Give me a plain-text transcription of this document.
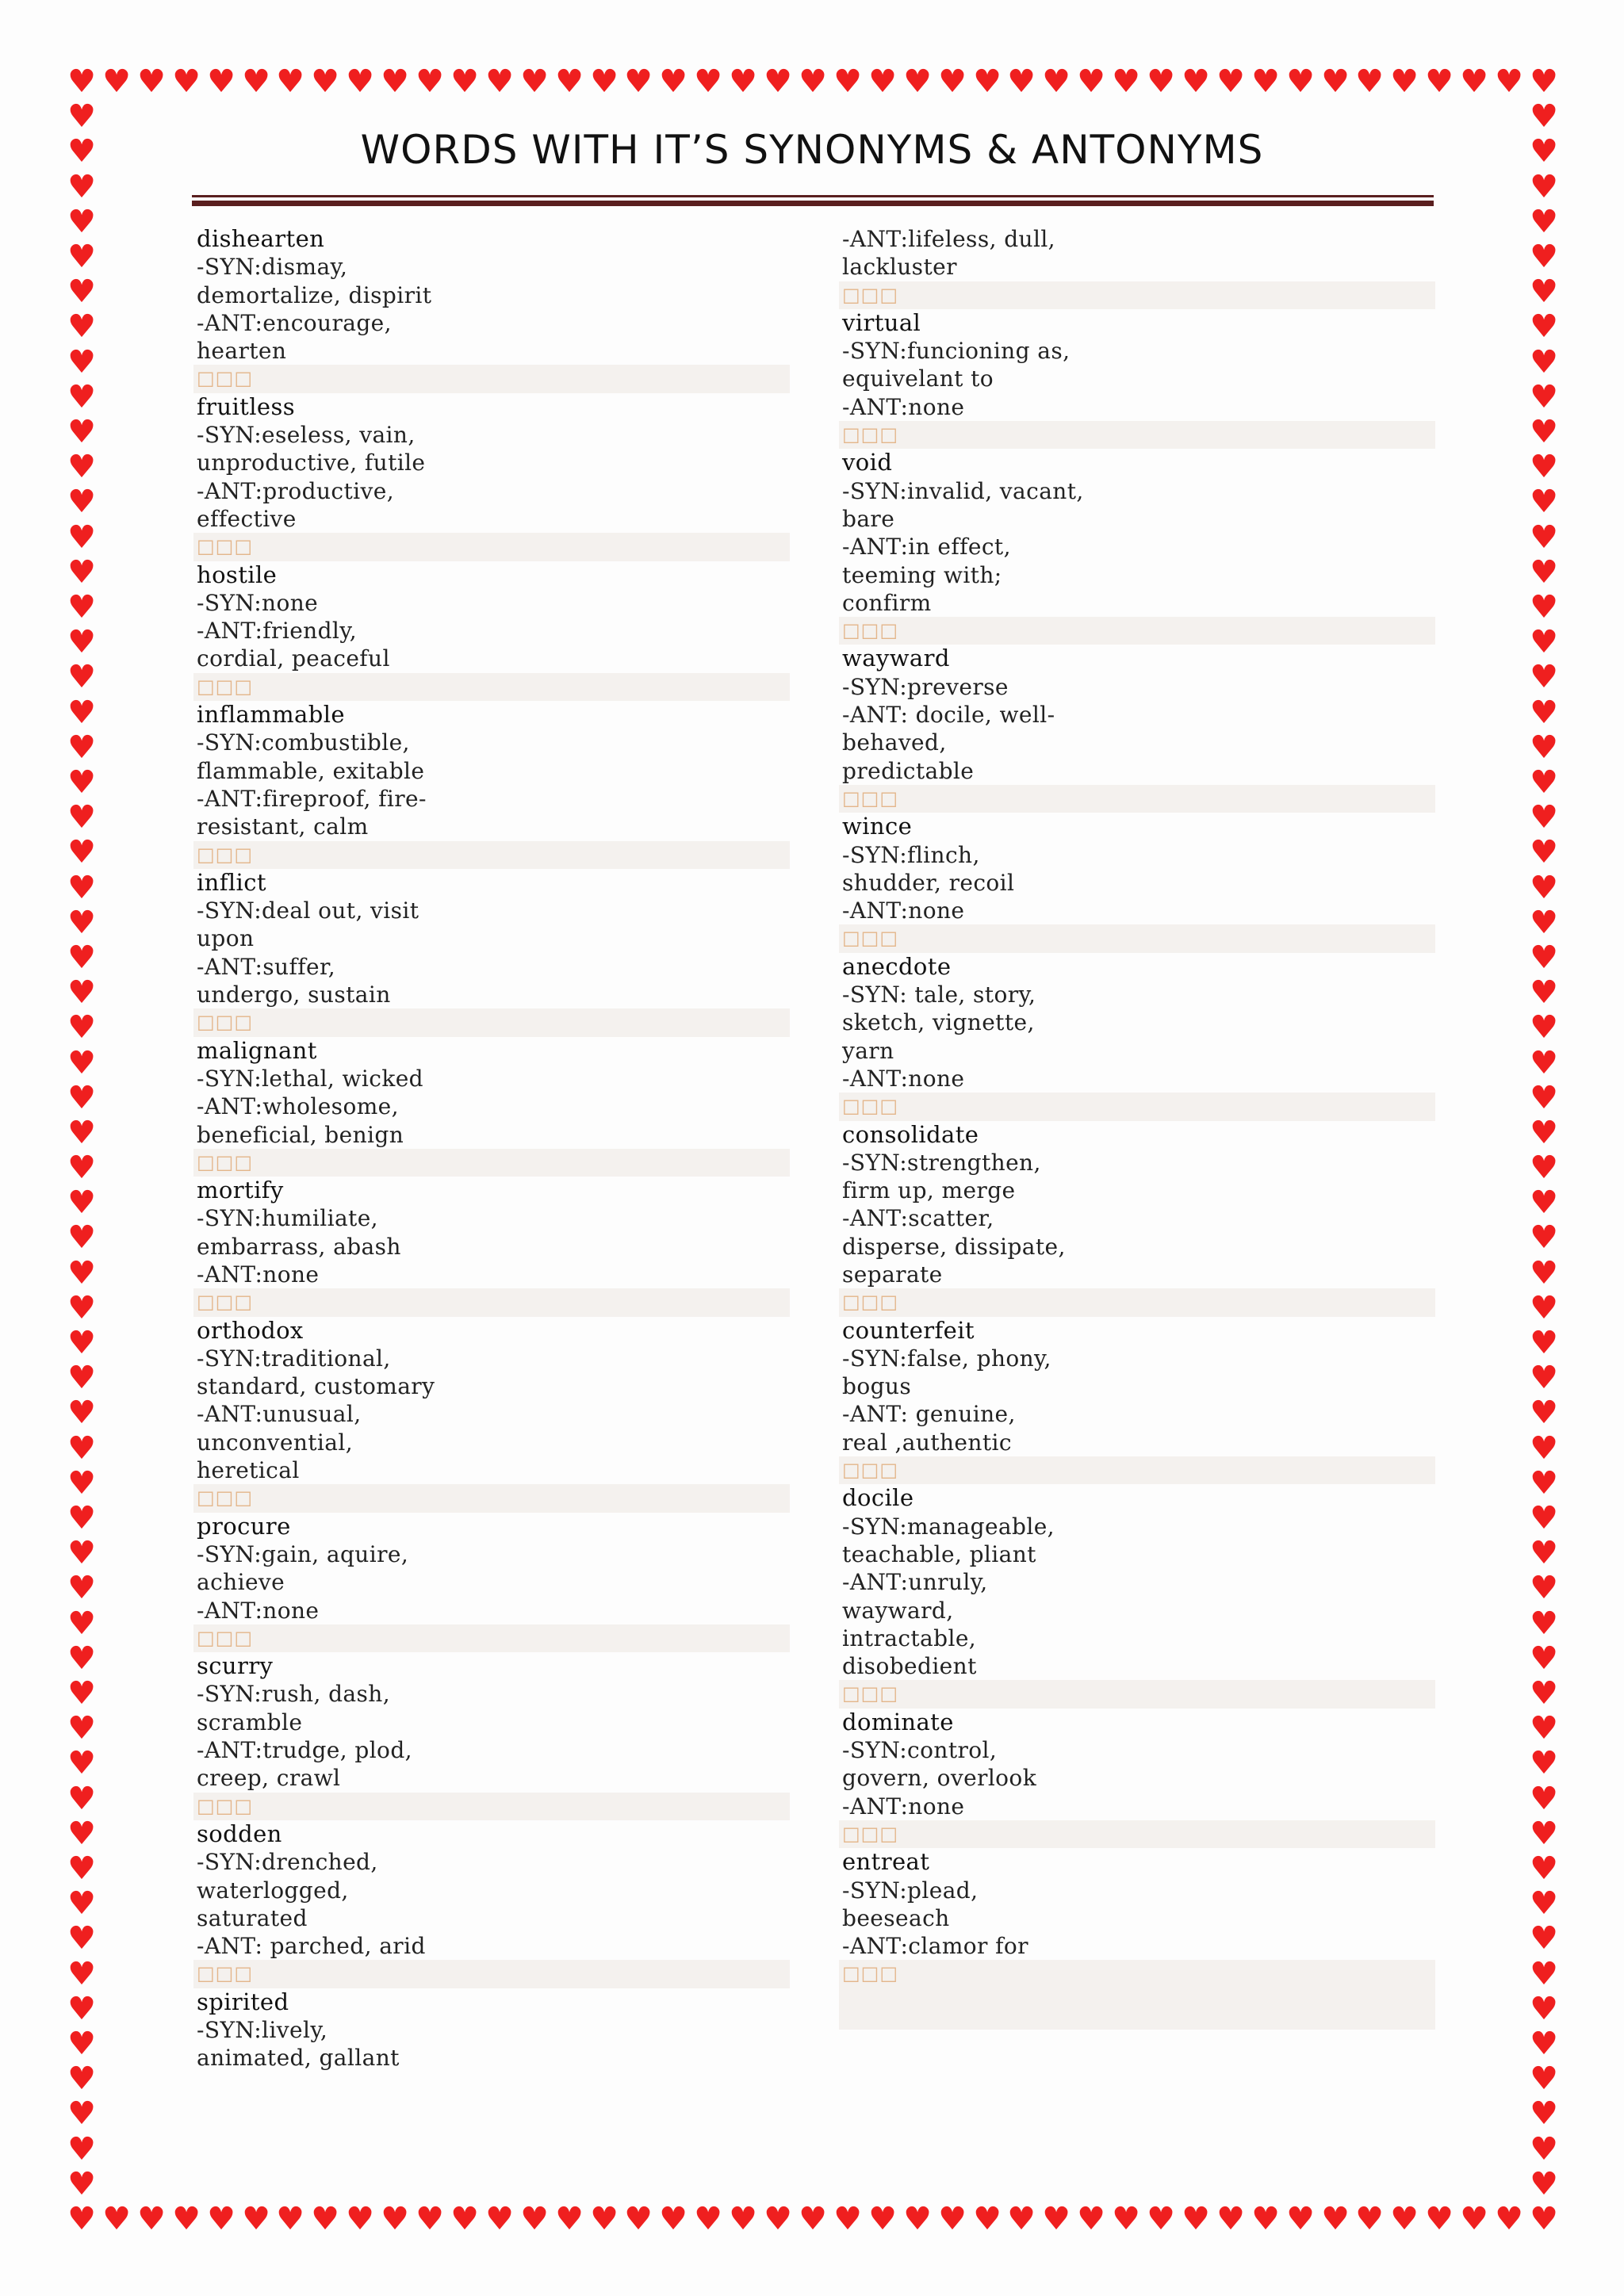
♥
♥
♥
♥
♥
♥
♥
♥
♥
♥
♥
♥
♥
♥
♥
♥
♥
♥
♥
♥
♥
♥
♥
♥
♥
♥
♥
♥
♥
♥
♥
♥
♥
♥
♥
♥
♥
♥
♥
♥
♥
♥
♥
♥
♥
♥
♥
♥
♥
♥
♥
♥
♥
♥
♥
♥
♥
♥
♥
♥
♥
♥
♥
♥
♥
♥
♥
♥
♥
♥
♥
♥
♥
♥
♥
♥
♥
♥
♥
♥
♥
♥
♥
♥
♥
♥
♥	♥
♥	♥
♥	♥
♥	♥
♥	♥
♥	♥
♥	♥
♥	♥
♥	♥
♥	♥
♥	♥
♥	♥
♥	♥
♥	♥
♥	♥
♥	♥
♥	♥
♥	♥
♥	♥
♥	♥
♥	♥
♥	♥
♥	♥
♥	♥
♥	♥
♥	♥
♥	♥
♥	♥
♥	♥
♥	♥
♥	♥
♥	♥
♥	♥
♥	♥
♥	♥
♥	♥
♥	♥
♥	♥
♥	♥
♥	♥
♥	♥
♥	♥
♥	♥
♥	♥
♥	♥
♥	♥
♥	♥
♥	♥
♥	♥
♥	♥
♥	♥
♥	♥
♥	♥
♥	♥
♥	♥
♥	♥
♥	♥
♥	♥
♥	♥
♥	♥
WORDS WITH IT’S SYNONYMS & ANTONYMS
dishearten
-SYN:dismay,
demortalize, dispirit
-ANT:encourage,
hearten
□□□
fruitless
-SYN:eseless, vain,
unproductive, futile
-ANT:productive,
effective
□□□
hostile
-SYN:none
-ANT:friendly,
cordial, peaceful
□□□
inflammable
-SYN:combustible,
flammable, exitable
-ANT:fireproof, fire-
resistant, calm
□□□
inflict
-SYN:deal out, visit
upon
-ANT:suffer,
undergo, sustain
□□□
malignant
-SYN:lethal, wicked
-ANT:wholesome,
beneficial, benign
□□□
mortify
-SYN:humiliate,
embarrass, abash
-ANT:none
□□□
orthodox
-SYN:traditional,
standard, customary
-ANT:unusual,
unconvential,
heretical
□□□
procure
-SYN:gain, aquire,
achieve
-ANT:none
□□□
scurry
-SYN:rush, dash,
scramble
-ANT:trudge, plod,
creep, crawl
□□□
sodden
-SYN:drenched,
waterlogged,
saturated
-ANT: parched, arid
□□□
spirited
-SYN:lively,
animated, gallant
-ANT:lifeless, dull,
lackluster
□□□
virtual
-SYN:funcioning as,
equivelant to
-ANT:none
□□□
void
-SYN:invalid, vacant,
bare
-ANT:in effect,
teeming with;
confirm
□□□
wayward
-SYN:preverse
-ANT: docile, well-
behaved,
predictable
□□□
wince
-SYN:flinch,
shudder, recoil
-ANT:none
□□□
anecdote
-SYN: tale, story,
sketch, vignette,
yarn
-ANT:none
□□□
consolidate
-SYN:strengthen,
firm up, merge
-ANT:scatter,
disperse, dissipate,
separate
□□□
counterfeit
-SYN:false, phony,
bogus
-ANT: genuine,
real ,authentic
□□□
docile
-SYN:manageable,
teachable, pliant
-ANT:unruly,
wayward,
intractable,
disobedient
□□□
dominate
-SYN:control,
govern, overlook
-ANT:none
□□□
entreat
-SYN:plead,
beeseach
-ANT:clamor for
□□□
